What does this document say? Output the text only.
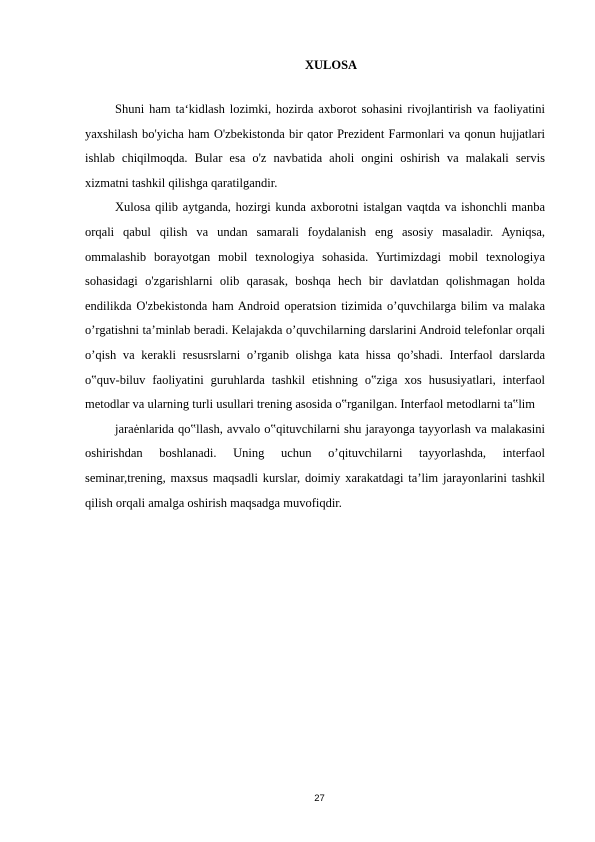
XULOSA

Shuni ham ta‘kidlash lozimki, hozirda axborot sohasini rivojlantirish va faoliyatini yaxshilash bo'yicha ham O'zbekistonda bir qator Prezident Farmonlari va qonun hujjatlari ishlab chiqilmoqda. Bular esa o'z navbatida aholi ongini oshirish va malakali servis xizmatni tashkil qilishga qaratilgandir.

Xulosa qilib aytganda, hozirgi kunda axborotni istalgan vaqtda va ishonchli manba orqali qabul qilish va undan samarali foydalanish eng asosiy masaladir. Ayniqsa, ommalashib borayotgan mobil texnologiya sohasida. Yurtimizdagi mobil texnologiya sohasidagi o'zgarishlarni olib qarasak, boshqa hech bir davlatdan qolishmagan holda endilikda O'zbekistonda ham Android operatsion tizimida o’quvchilarga bilim va malaka o’rgatishni ta’minlab beradi. Kelajakda o’quvchilarning darslarini Android telefonlar orqali o’qish va kerakli resusrslarni o’rganib olishga kata hissa qo’shadi. Interfaol darslarda o‟quv-biluv faoliyatini guruhlarda tashkil etishning o‟ziga xos hususiyatlari, interfaol metodlar va ularning turli usullari trening asosida o‟rganilgan. Interfaol metodlarni ta‟lim

jaraėnlarida qo‟llash, avvalo o‟qituvchilarni shu jarayonga tayyorlash va malakasini oshirishdan boshlanadi. Uning uchun o’qituvchilarni tayyorlashda, interfaol seminar,trening, maxsus maqsadli kurslar, doimiy xarakatdagi ta’lim jarayonlarini tashkil qilish orqali amalga oshirish maqsadga muvofiqdir.

27
